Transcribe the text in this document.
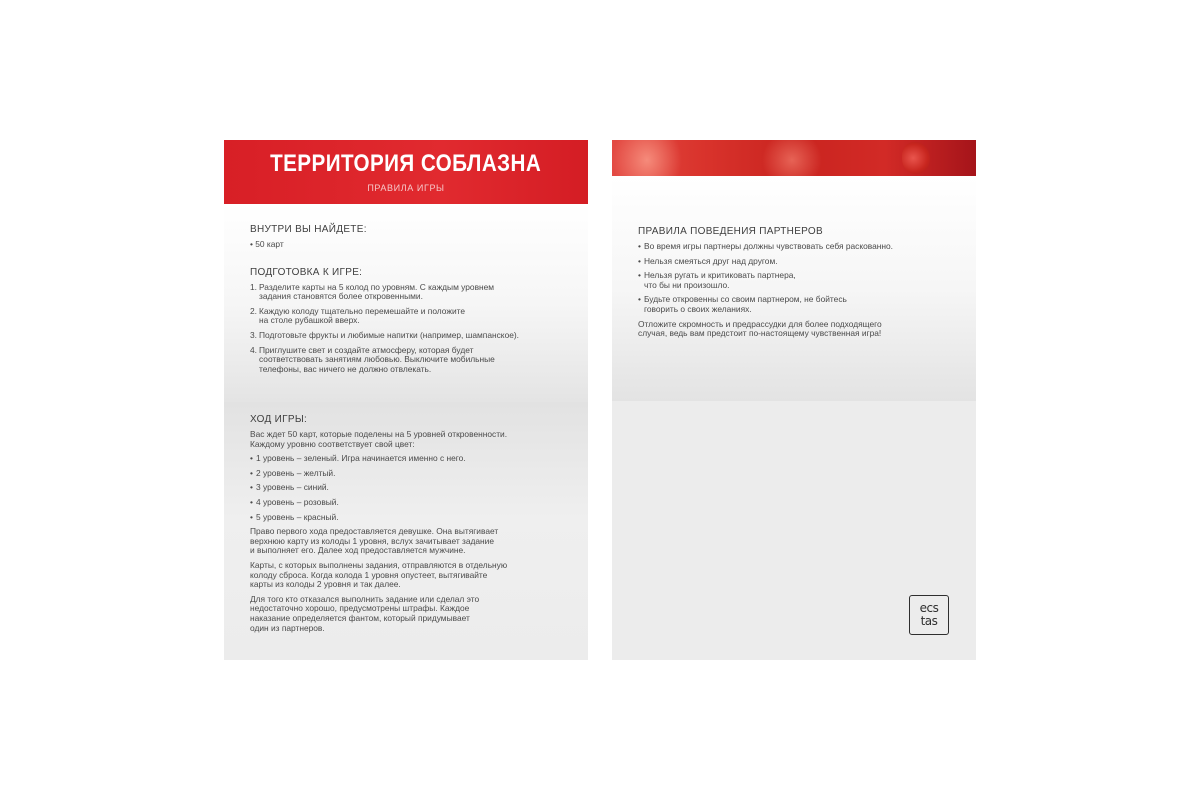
ТЕРРИТОРИЯ СОБЛАЗНА
ПРАВИЛА ИГРЫ
ВНУТРИ ВЫ НАЙДЕТЕ:
• 50 карт
ПОДГОТОВКА К ИГРЕ:
1. Разделите карты на 5 колод по уровням. С каждым уровнем
задания становятся более откровенными.
2. Каждую колоду тщательно перемешайте и положите
на столе рубашкой вверх.
3. Подготовьте фрукты и любимые напитки (например, шампанское).
4. Приглушите свет и создайте атмосферу, которая будет
соответствовать занятиям любовью. Выключите мобильные
телефоны, вас ничего не должно отвлекать.
ХОД ИГРЫ:
Вас ждет 50 карт, которые поделены на 5 уровней откровенности.
Каждому уровню соответствует свой цвет:
• 1 уровень – зеленый. Игра начинается именно с него.
• 2 уровень – желтый.
• 3 уровень – синий.
• 4 уровень – розовый.
• 5 уровень – красный.
Право первого хода предоставляется девушке. Она вытягивает
верхнюю карту из колоды 1 уровня, вслух зачитывает задание
и выполняет его. Далее ход предоставляется мужчине.
Карты, с которых выполнены задания, отправляются в отдельную
колоду сброса. Когда колода 1 уровня опустеет, вытягивайте
карты из колоды 2 уровня и так далее.
Для того кто отказался выполнить задание или сделал это
недостаточно хорошо, предусмотрены штрафы. Каждое
наказание определяется фантом, который придумывает
один из партнеров.
ПРАВИЛА ПОВЕДЕНИЯ ПАРТНЕРОВ
• Во время игры партнеры должны чувствовать себя раскованно.
• Нельзя смеяться друг над другом.
• Нельзя ругать и критиковать партнера,
что бы ни произошло.
• Будьте откровенны со своим партнером, не бойтесь
говорить о своих желаниях.
Отложите скромность и предрассудки для более подходящего
случая, ведь вам предстоит по-настоящему чувственная игра!
ecs
tas
